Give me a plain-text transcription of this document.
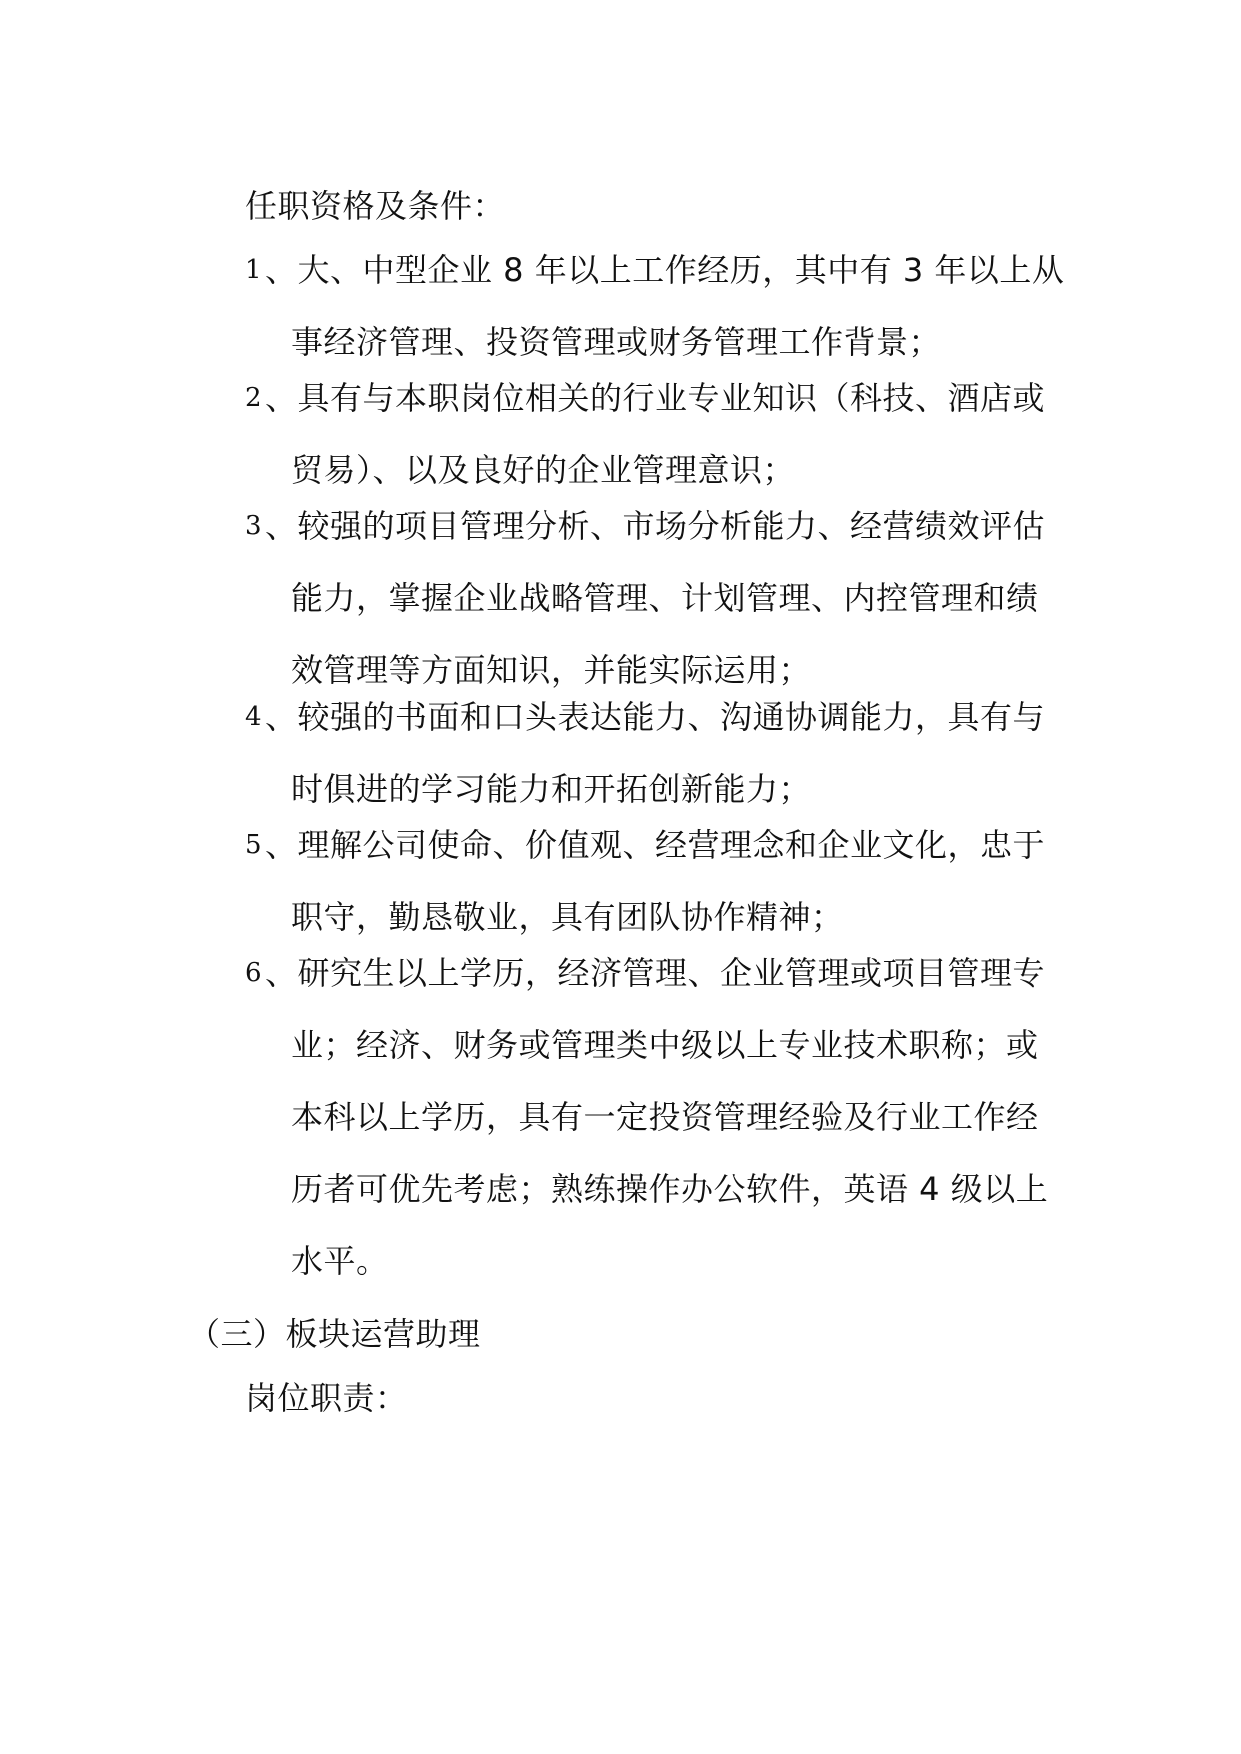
任职资格及条件：
1 、大、中型企业 8 年以上工作经历，其中有 3 年以上从
事经济管理、投资管理或财务管理工作背景；
2 、具有与本职岗位相关的行业专业知识（科技、酒店或
贸易）、以及良好的企业管理意识；
3 、较强的项目管理分析、市场分析能力、经营绩效评估
能力，掌握企业战略管理、计划管理、内控管理和绩
效管理等方面知识，并能实际运用；
4 、较强的书面和口头表达能力、沟通协调能力，具有与
时俱进的学习能力和开拓创新能力；
5 、理解公司使命、价值观、经营理念和企业文化，忠于
职守，勤恳敬业，具有团队协作精神；
6 、研究生以上学历，经济管理、企业管理或项目管理专
业；经济、财务或管理类中级以上专业技术职称；或
本科以上学历，具有一定投资管理经验及行业工作经
历者可优先考虑；熟练操作办公软件，英语 4 级以上
水平。
（三）板块运营助理
岗位职责：
